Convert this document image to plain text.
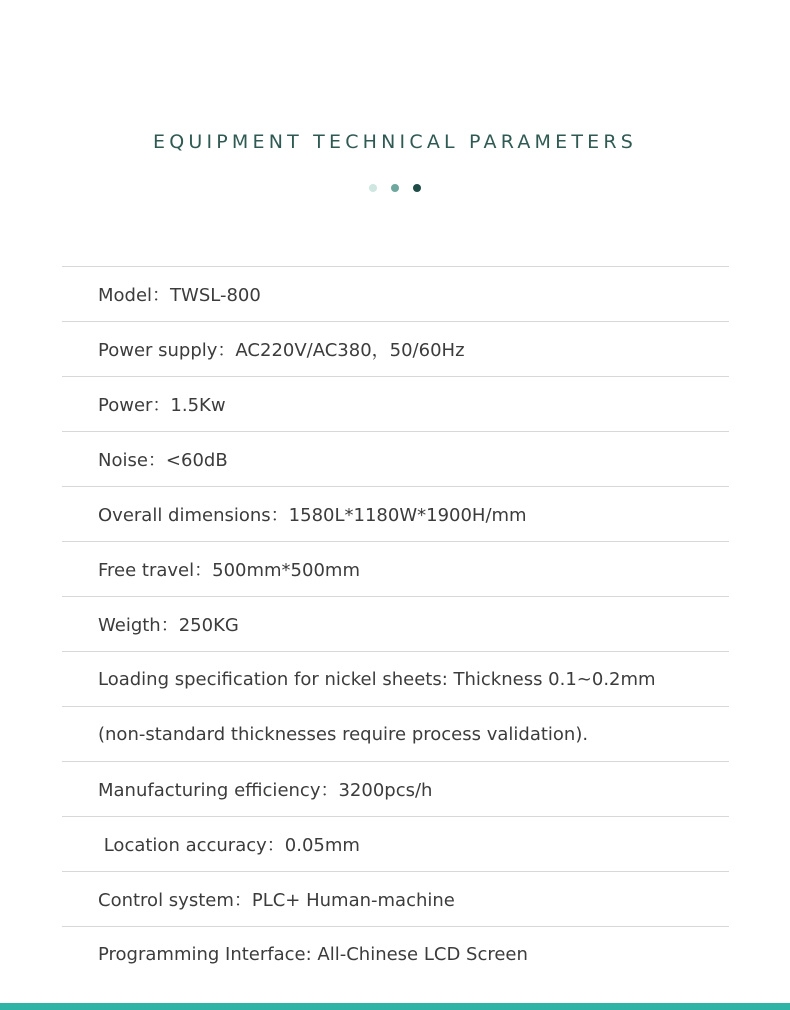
EQUIPMENT TECHNICAL PARAMETERS
Model：TWSL-800
Power supply：AC220V/AC380，50/60Hz
Power：1.5Kw
Noise：<60dB
Overall dimensions：1580L*1180W*1900H/mm
Free travel：500mm*500mm
Weigth：250KG
Loading specification for nickel sheets: Thickness 0.1~0.2mm
(non-standard thicknesses require process validation).
Manufacturing efficiency：3200pcs/h
Location accuracy：0.05mm
Control system：PLC+ Human-machine
Programming Interface: All-Chinese LCD Screen
